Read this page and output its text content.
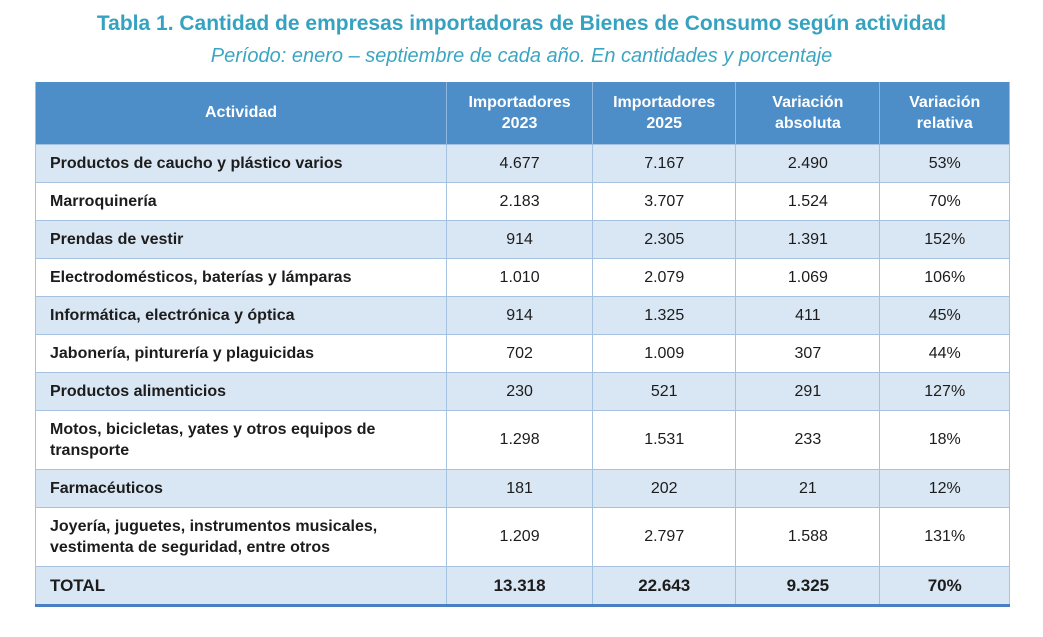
Tabla 1. Cantidad de empresas importadoras de Bienes de Consumo según actividad
Período: enero – septiembre de cada año. En cantidades y porcentaje
Actividad	Importadores 2023	Importadores 2025	Variación absoluta	Variación relativa
Productos de caucho y plástico varios	4.677	7.167	2.490	53%
Marroquinería	2.183	3.707	1.524	70%
Prendas de vestir	914	2.305	1.391	152%
Electrodomésticos, baterías y lámparas	1.010	2.079	1.069	106%
Informática, electrónica y óptica	914	1.325	411	45%
Jabonería, pinturería y plaguicidas	702	1.009	307	44%
Productos alimenticios	230	521	291	127%
Motos, bicicletas, yates y otros equipos de transporte	1.298	1.531	233	18%
Farmacéuticos	181	202	21	12%
Joyería, juguetes, instrumentos musicales, vestimenta de seguridad, entre otros	1.209	2.797	1.588	131%
TOTAL	13.318	22.643	9.325	70%
